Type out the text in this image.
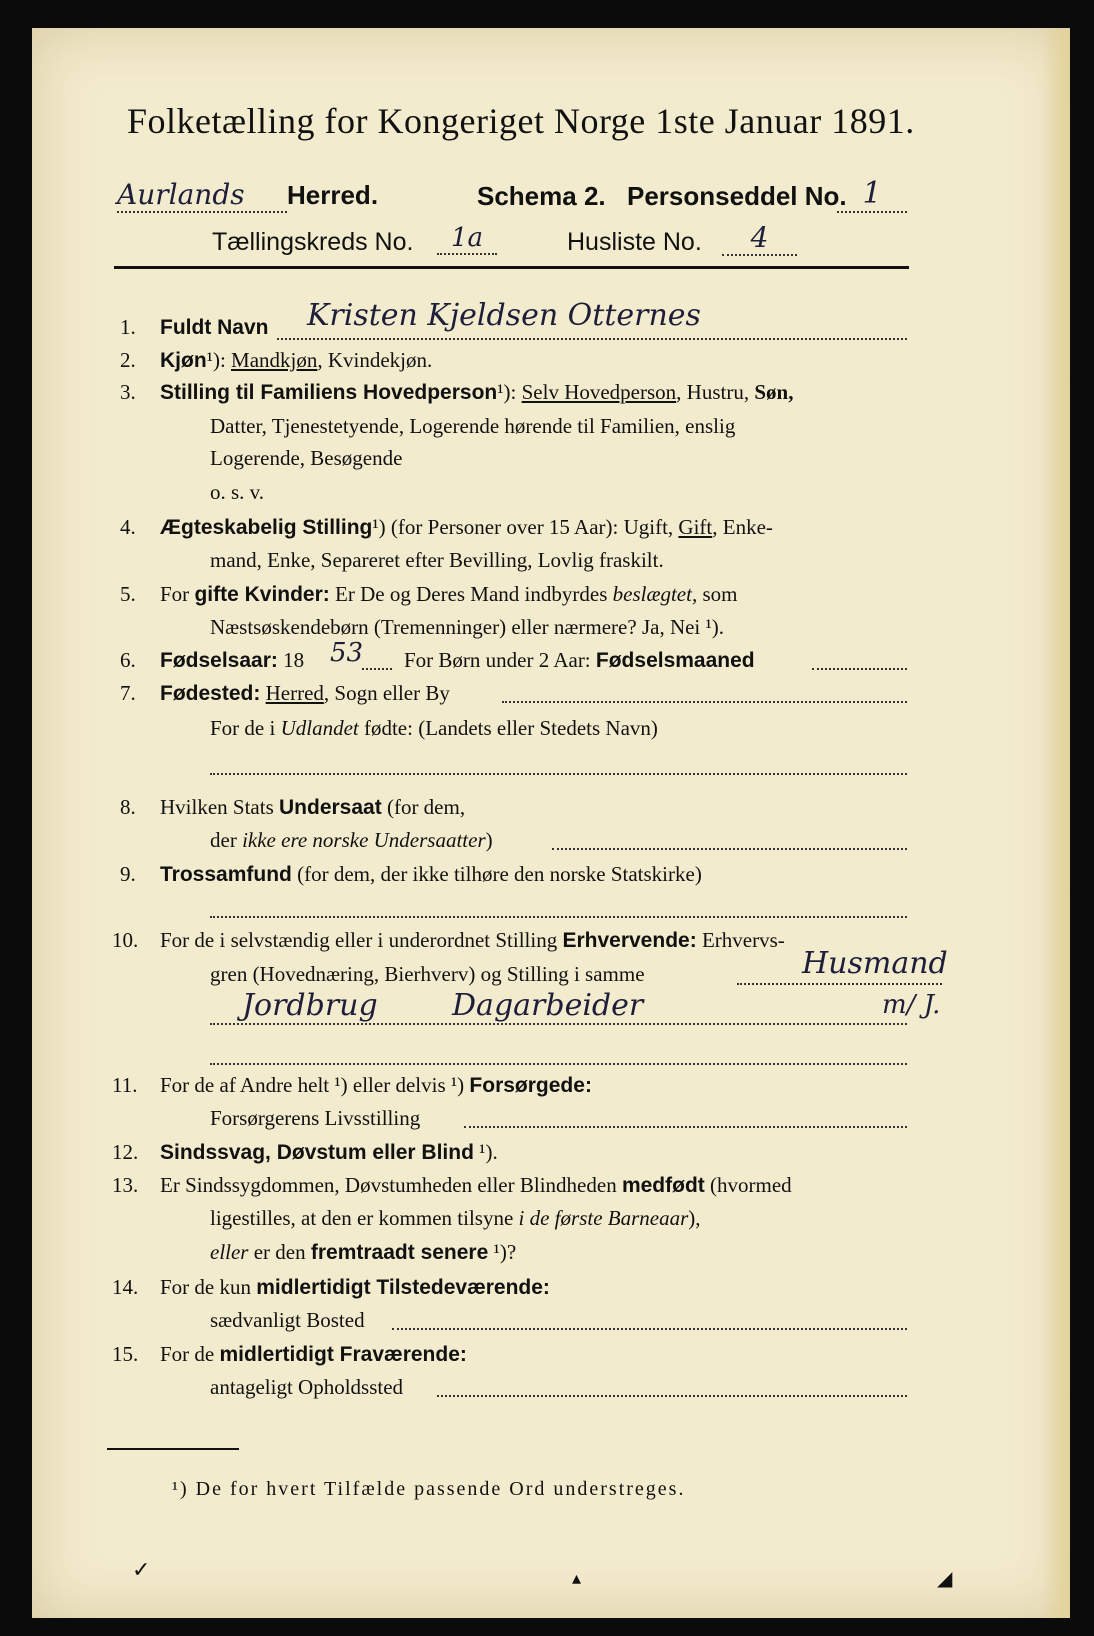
Folketælling for Kongeriget Norge 1ste Januar 1891.
Aurlands Herred.	Schema 2. Personseddel No. 1
Tællingskreds No.	1a	Husliste No.	4
1. Fuldt Navn Kristen Kjeldsen Otternes
2. Kjøn¹): Mandkjøn, Kvindekjøn.
3. Stilling til Familiens Hovedperson¹): Selv Hovedperson, Hustru, Søn,
Datter, Tjenestetyende, Logerende hørende til Familien, enslig
Logerende, Besøgende
o. s. v.
4. Ægteskabelig Stilling¹) (for Personer over 15 Aar): Ugift, Gift, Enke-
mand, Enke, Separeret efter Bevilling, Lovlig fraskilt.
5. For gifte Kvinder: Er De og Deres Mand indbyrdes beslægtet, som
Næstsøskendebørn (Tremenninger) eller nærmere? Ja, Nei ¹).
6. Fødselsaar: 18 53 For Børn under 2 Aar: Fødselsmaaned
7. Fødested: Herred, Sogn eller By
For de i Udlandet fødte: (Landets eller Stedets Navn)
8. Hvilken Stats Undersaat (for dem,
der ikke ere norske Undersaatter)
9. Trossamfund (for dem, der ikke tilhøre den norske Statskirke)
10. For de i selvstændig eller i underordnet Stilling Erhvervende: Erhvervs-
gren (Hovednæring, Bierhverv) og Stilling i samme	Husmand
Jordbrug Dagarbeider	m/ J.
11. For de af Andre helt ¹) eller delvis ¹) Forsørgede:
Forsørgerens Livsstilling
12. Sindssvag, Døvstum eller Blind ¹).
13. Er Sindssygdommen, Døvstumheden eller Blindheden medfødt (hvormed
ligestilles, at den er kommen tilsyne i de første Barneaar),
eller er den fremtraadt senere ¹)?
14. For de kun midlertidigt Tilstedeværende:
sædvanligt Bosted
15. For de midlertidigt Fraværende:
antageligt Opholdssted
¹) De for hvert Tilfælde passende Ord understreges.
✓	▴	◢
